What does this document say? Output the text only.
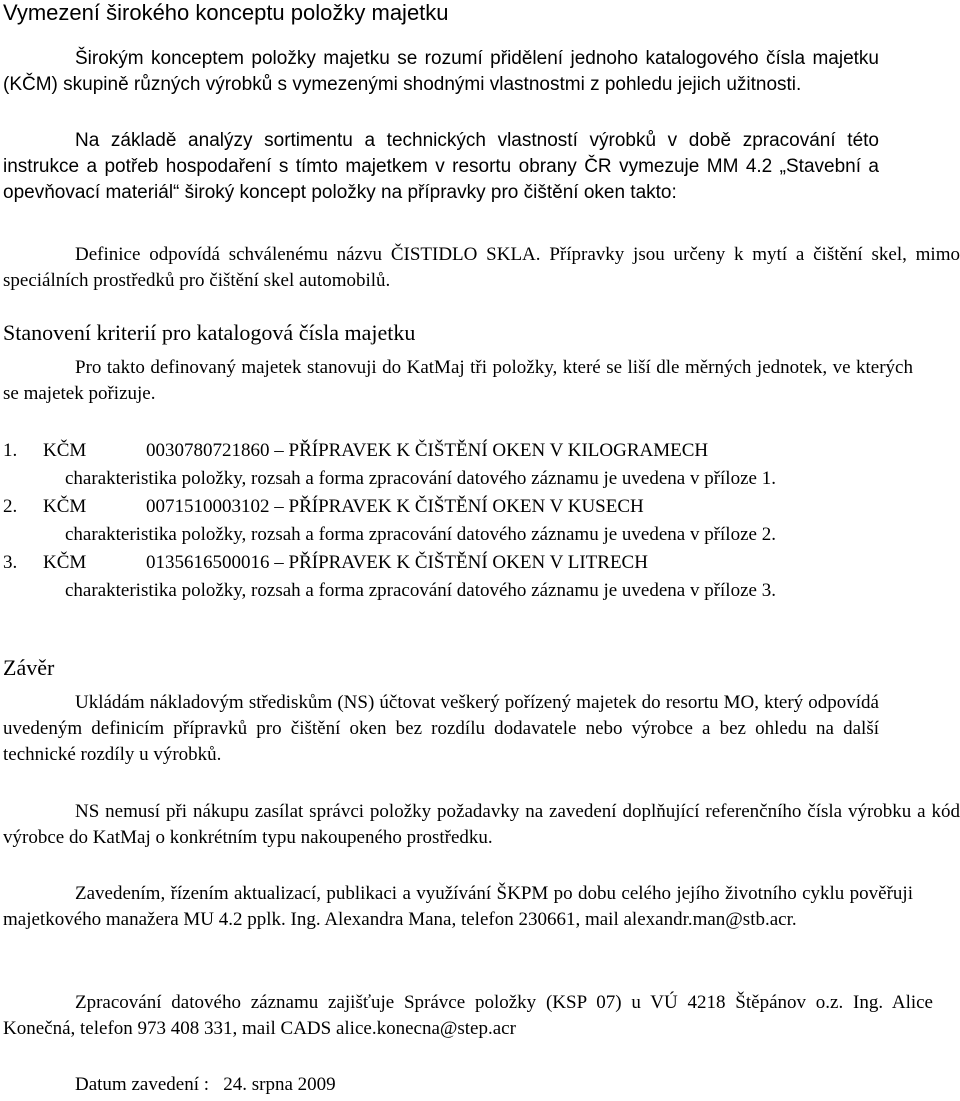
Vymezení širokého konceptu položky majetku

Širokým konceptem položky majetku se rozumí přidělení jednoho katalogového čísla majetku (KČM) skupině různých výrobků s vymezenými shodnými vlastnostmi z pohledu jejich užitnosti.

Na základě analýzy sortimentu a technických vlastností výrobků v době zpracování této instrukce a potřeb hospodaření s tímto majetkem v resortu obrany ČR vymezuje MM 4.2 „Stavební a opevňovací materiál“ široký koncept položky na přípravky pro čištění oken takto:

Definice odpovídá schválenému názvu ČISTIDLO SKLA. Přípravky jsou určeny k mytí a čištění skel, mimo speciálních prostředků pro čištění skel automobilů.

Stanovení kriterií pro katalogová čísla majetku

Pro takto definovaný majetek stanovuji do KatMaj tři položky, které se liší dle měrných jednotek, ve kterých se majetek pořizuje.

1.	KČM	0030780721860 – PŘÍPRAVEK K ČIŠTĚNÍ OKEN V KILOGRAMECH
charakteristika položky, rozsah a forma zpracování datového záznamu je uvedena v příloze 1.
2.	KČM	0071510003102 – PŘÍPRAVEK K ČIŠTĚNÍ OKEN V KUSECH
charakteristika položky, rozsah a forma zpracování datového záznamu je uvedena v příloze 2.
3.	KČM	0135616500016 – PŘÍPRAVEK K ČIŠTĚNÍ OKEN V LITRECH
charakteristika položky, rozsah a forma zpracování datového záznamu je uvedena v příloze 3.
Závěr

Ukládám nákladovým střediskům (NS) účtovat veškerý pořízený majetek do resortu MO, který odpovídá uvedeným definicím přípravků pro čištění oken bez rozdílu dodavatele nebo výrobce a bez ohledu na další technické rozdíly u výrobků.

NS nemusí při nákupu zasílat správci položky požadavky na zavedení doplňující referenčního čísla výrobku a kód výrobce do KatMaj o konkrétním typu nakoupeného prostředku.

Zavedením, řízením aktualizací, publikaci a využívání ŠKPM po dobu celého jejího životního cyklu pověřuji majetkového manažera MU 4.2 pplk. Ing. Alexandra Mana, telefon 230661, mail alexandr.man@stb.acr.

Zpracování datového záznamu zajišťuje Správce položky (KSP 07) u VÚ 4218 Štěpánov o.z. Ing. Alice Konečná, telefon 973 408 331, mail CADS alice.konecna@step.acr

Datum zavedení :   24. srpna 2009
